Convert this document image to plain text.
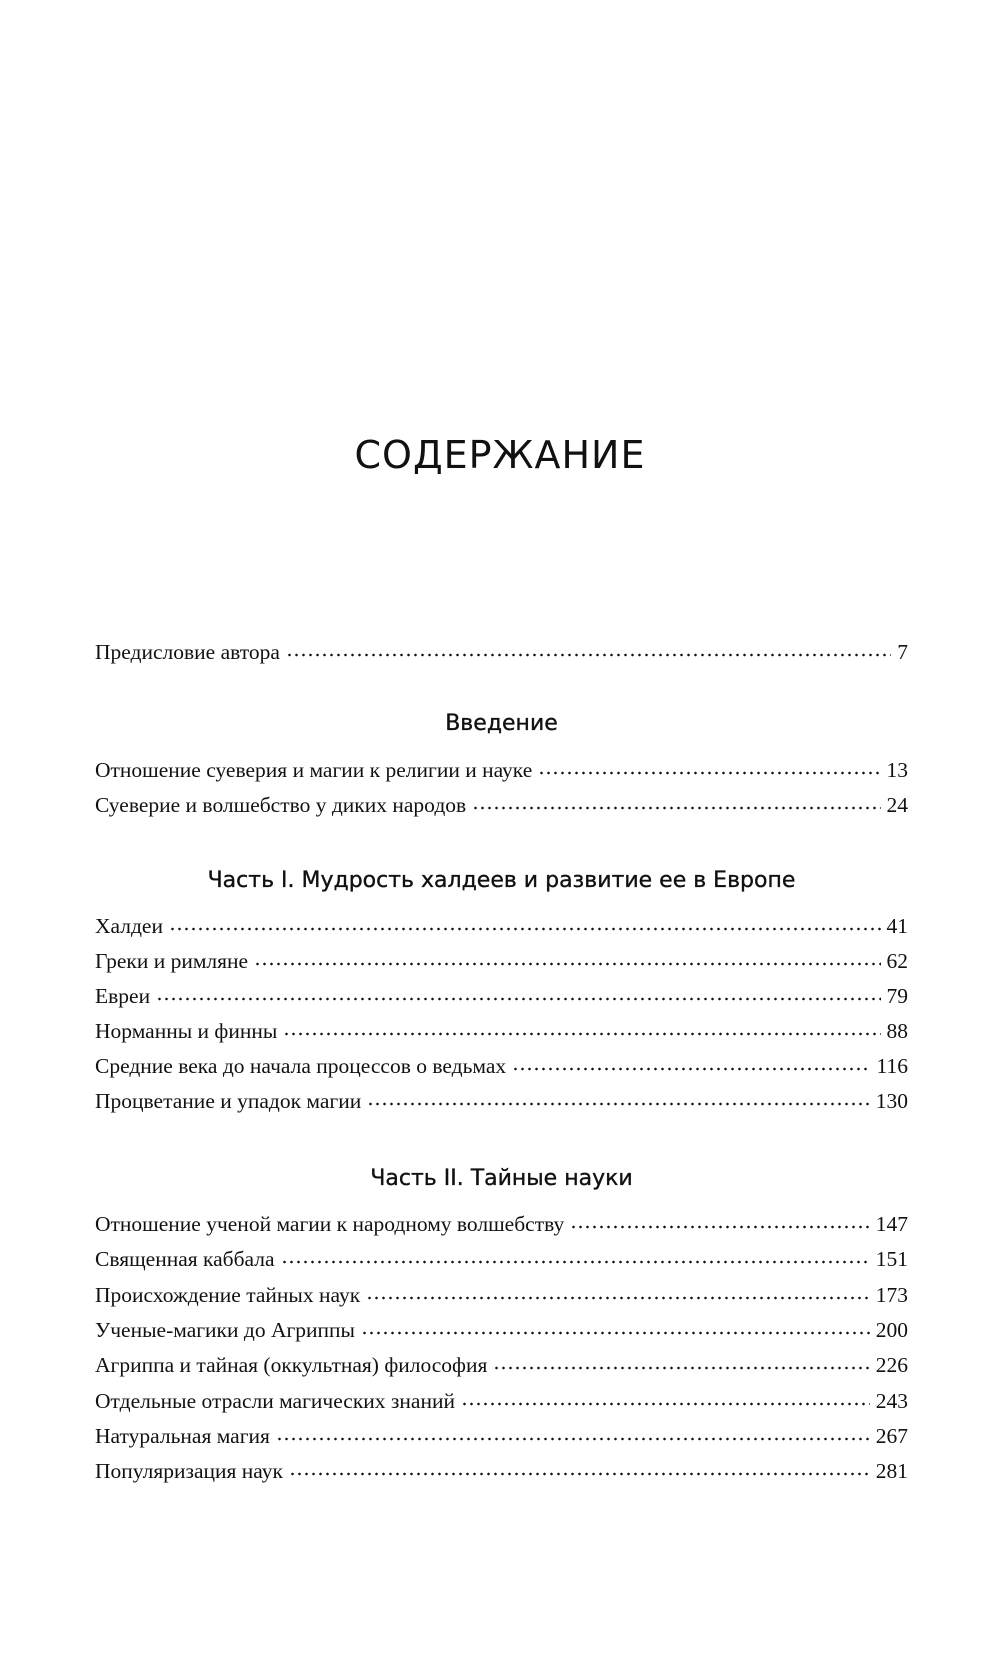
СОДЕРЖАНИЕ
Предисловие автора	7
Введение
Отношение суеверия и магии к религии и науке	13
Суеверие и волшебство у диких народов	24
Часть I. Мудрость халдеев и развитие ее в Европе
Халдеи	41
Греки и римляне	62
Евреи	79
Норманны и финны	88
Средние века до начала процессов о ведьмах	116
Процветание и упадок магии	130
Часть II. Тайные науки
Отношение ученой магии к народному волшебству	147
Священная каббала	151
Происхождение тайных наук	173
Ученые-магики до Агриппы	200
Агриппа и тайная (оккультная) философия	226
Отдельные отрасли магических знаний	243
Натуральная магия	267
Популяризация наук	281
